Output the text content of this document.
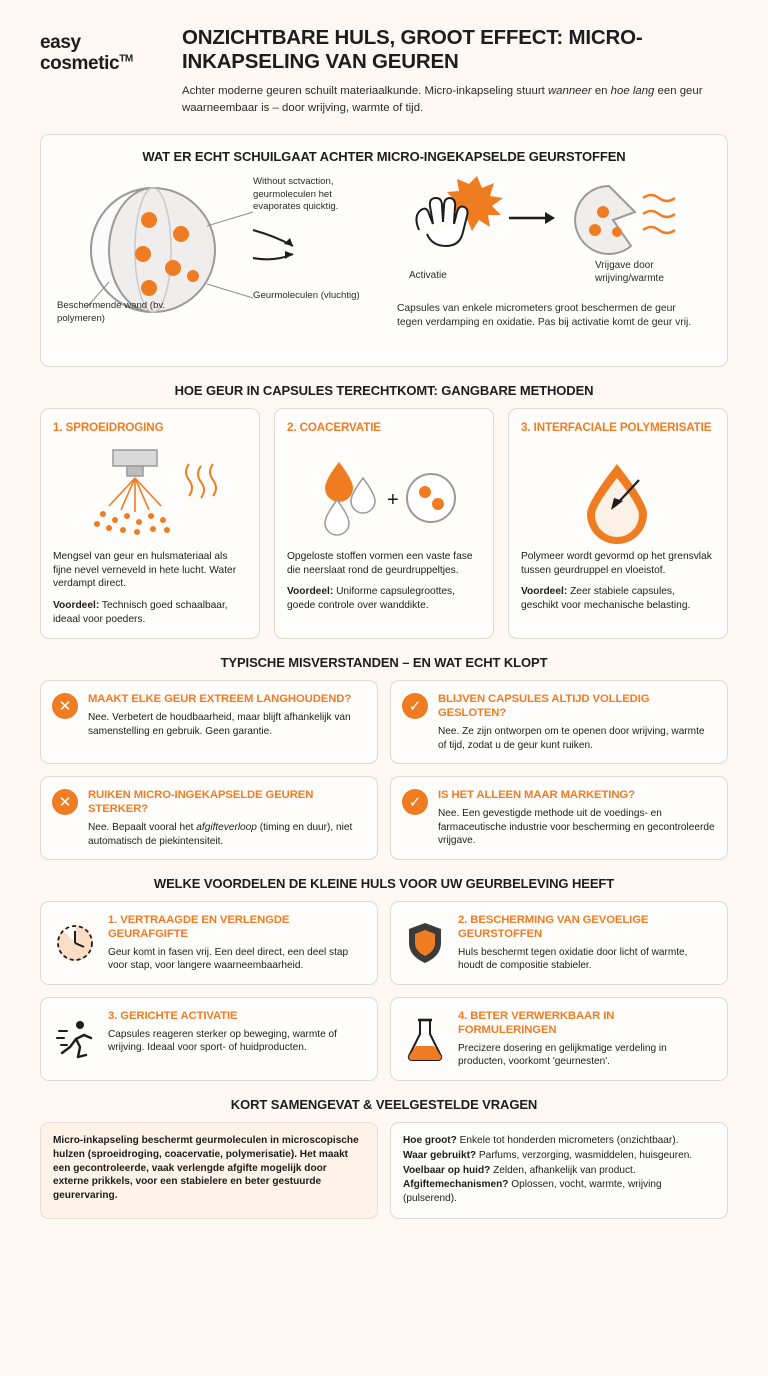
easy
cosmetic™
ONZICHTBARE HULS, GROOT EFFECT: MICRO-INKAPSELING VAN GEUREN
Achter moderne geuren schuilt materiaalkunde. Micro-inkapseling stuurt wanneer en hoe lang een geur waarneembaar is – door wrijving, warmte of tijd.
WAT ER ECHT SCHUILGAAT ACHTER MICRO-INGEKAPSELDE GEURSTOFFEN
Without sctvaction, geurmoleculen het evaporates quicktig.
Geurmoleculen (vluchtig)
Beschermende wand (bv. polymeren)
Activatie
Vrijgave door wrijving/warmte
Capsules van enkele micrometers groot beschermen de geur tegen verdamping en oxidatie. Pas bij activatie komt de geur vrij.
HOE GEUR IN CAPSULES TERECHTKOMT: GANGBARE METHODEN
1. SPROEIDROGING

Mengsel van geur en hulsmateriaal als fijne nevel verneveld in hete lucht. Water verdampt direct.

Voordeel: Technisch goed schaalbaar, ideaal voor poeders.

2. COACERVATIE
+

Opgeloste stoffen vormen een vaste fase die neerslaat rond de geurdruppeltjes.

Voordeel: Uniforme capsulegroottes, goede controle over wanddikte.

3. INTERFACIALE POLYMERISATIE

Polymeer wordt gevormd op het grensvlak tussen geurdruppel en vloeistof.

Voordeel: Zeer stabiele capsules, geschikt voor mechanische belasting.

TYPISCHE MISVERSTANDEN – EN WAT ECHT KLOPT
✕	MAAKT ELKE GEUR EXTREEM LANGHOUDEND?

Nee. Verbetert de houdbaarheid, maar blijft afhankelijk van samenstelling en gebruik. Geen garantie.

✓	BLIJVEN CAPSULES ALTIJD VOLLEDIG GESLOTEN?

Nee. Ze zijn ontworpen om te openen door wrijving, warmte of tijd, zodat u de geur kunt ruiken.

✕	RUIKEN MICRO-INGEKAPSELDE GEUREN STERKER?

Nee. Bepaalt vooral het afgifteverloop (timing en duur), niet automatisch de piekintensiteit.

✓	IS HET ALLEEN MAAR MARKETING?

Nee. Een gevestigde methode uit de voedings- en farmaceutische industrie voor bescherming en gecontroleerde vrijgave.

WELKE VOORDELEN DE KLEINE HULS VOOR UW GEURBELEVING HEEFT
1. VERTRAAGDE EN VERLENGDE GEURAFGIFTE

Geur komt in fasen vrij. Een deel direct, een deel stap voor stap, voor langere waarneembaarheid.

2. BESCHERMING VAN GEVOELIGE GEURSTOFFEN

Huls beschermt tegen oxidatie door licht of warmte, houdt de compositie stabieler.

3. GERICHTE ACTIVATIE

Capsules reageren sterker op beweging, warmte of wrijving. Ideaal voor sport- of huidproducten.

4. BETER VERWERKBAAR IN FORMULERINGEN

Precizere dosering en gelijkmatige verdeling in producten, voorkomt 'geurnesten'.

KORT SAMENGEVAT & VEELGESTELDE VRAGEN
Micro-inkapseling beschermt geurmoleculen in microscopische hulzen (sproeidroging, coacervatie, polymerisatie). Het maakt een gecontroleerde, vaak verlengde afgifte mogelijk door externe prikkels, voor een stabielere en beter gestuurde geurervaring.
Hoe groot? Enkele tot honderden micrometers (onzichtbaar).
Waar gebruikt? Parfums, verzorging, wasmiddelen, huisgeuren.
Voelbaar op huid? Zelden, afhankelijk van product.
Afgiftemechanismen? Oplossen, vocht, warmte, wrijving (pulserend).
